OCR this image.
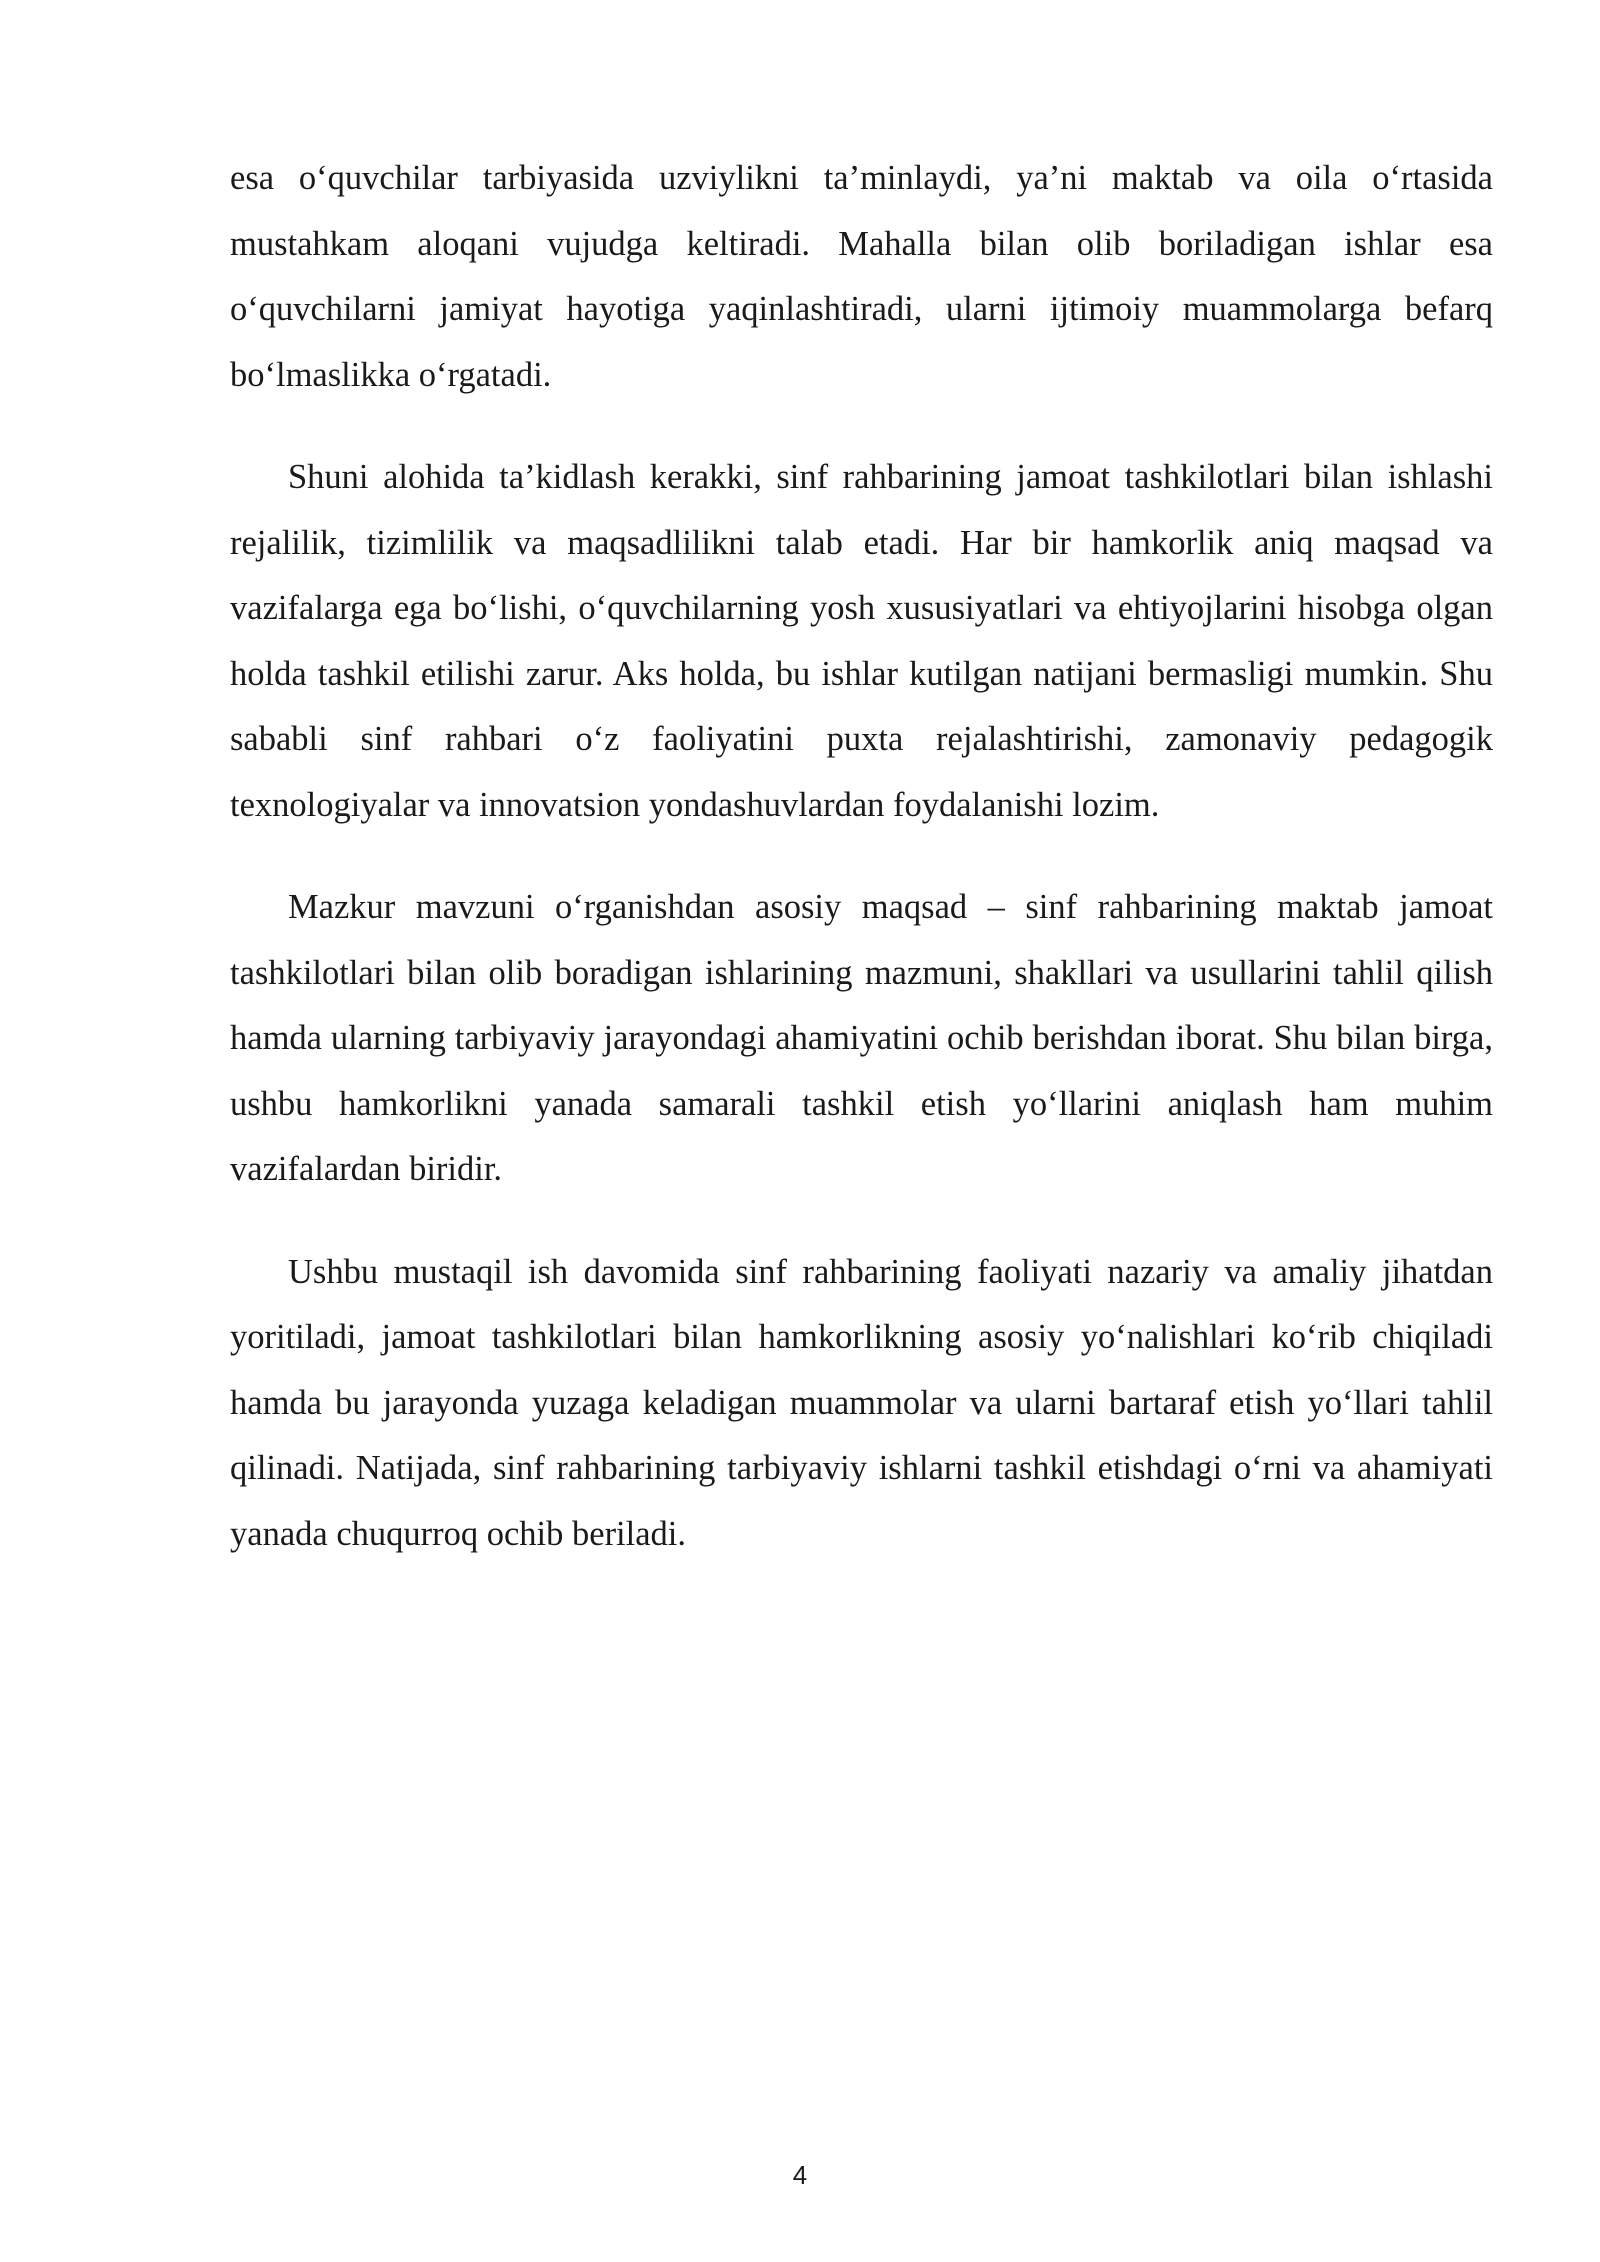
esa o‘quvchilar tarbiyasida uzviylikni ta’minlaydi, ya’ni maktab va oila o‘rtasida mustahkam aloqani vujudga keltiradi. Mahalla bilan olib boriladigan ishlar esa o‘quvchilarni jamiyat hayotiga yaqinlashtiradi, ularni ijtimoiy muammolarga befarq bo‘lmaslikka o‘rgatadi.

Shuni alohida ta’kidlash kerakki, sinf rahbarining jamoat tashkilotlari bilan ishlashi rejalilik, tizimlilik va maqsadlilikni talab etadi. Har bir hamkorlik aniq maqsad va vazifalarga ega bo‘lishi, o‘quvchilarning yosh xususiyatlari va ehtiyojlarini hisobga olgan holda tashkil etilishi zarur. Aks holda, bu ishlar kutilgan natijani bermasligi mumkin. Shu sababli sinf rahbari o‘z faoliyatini puxta rejalashtirishi, zamonaviy pedagogik texnologiyalar va innovatsion yondashuvlardan foydalanishi lozim.

Mazkur mavzuni o‘rganishdan asosiy maqsad – sinf rahbarining maktab jamoat tashkilotlari bilan olib boradigan ishlarining mazmuni, shakllari va usullarini tahlil qilish hamda ularning tarbiyaviy jarayondagi ahamiyatini ochib berishdan iborat. Shu bilan birga, ushbu hamkorlikni yanada samarali tashkil etish yo‘llarini aniqlash ham muhim vazifalardan biridir.

Ushbu mustaqil ish davomida sinf rahbarining faoliyati nazariy va amaliy jihatdan yoritiladi, jamoat tashkilotlari bilan hamkorlikning asosiy yo‘nalishlari ko‘rib chiqiladi hamda bu jarayonda yuzaga keladigan muammolar va ularni bartaraf etish yo‘llari tahlil qilinadi. Natijada, sinf rahbarining tarbiyaviy ishlarni tashkil etishdagi o‘rni va ahamiyati yanada chuqurroq ochib beriladi.

4
